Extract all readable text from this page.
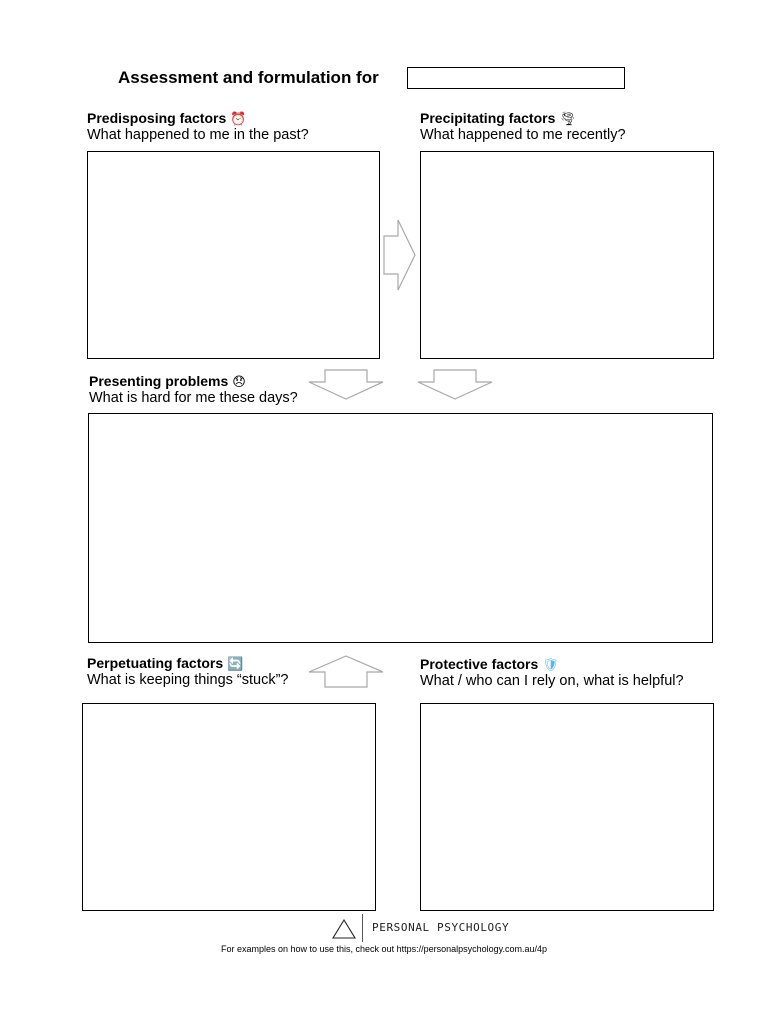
Assessment and formulation for
Predisposing factors ⏰
What happened to me in the past?
Precipitating factors 🌪
What happened to me recently?
Presenting problems 😞
What is hard for me these days?
Perpetuating factors 🔄
What is keeping things “stuck”?
Protective factors 🛡
What / who can I rely on, what is helpful?
PERSONAL PSYCHOLOGY
For examples on how to use this, check out https://personalpsychology.com.au/4p
